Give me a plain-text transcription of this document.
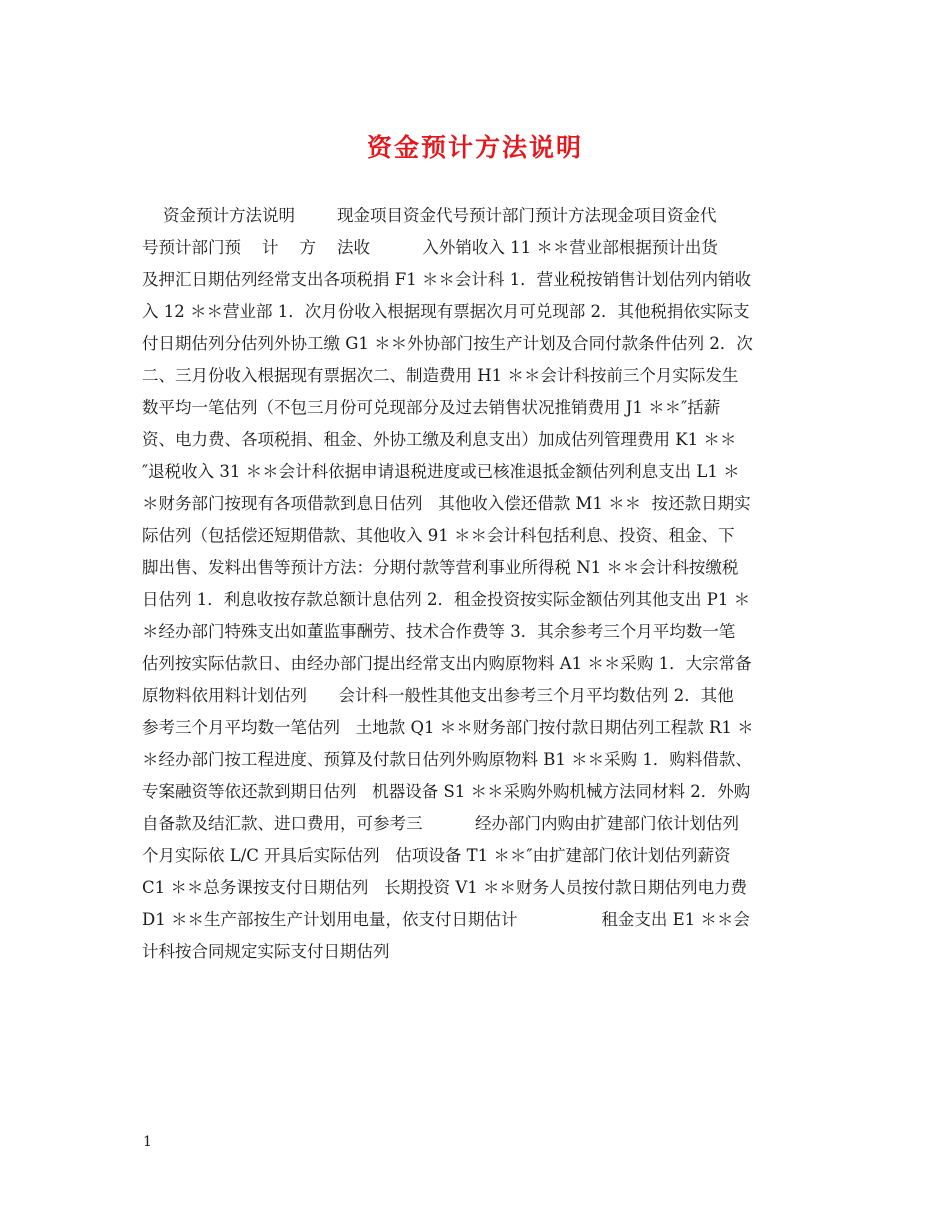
资金预计方法说明
资金预计方法说明        现金项目资金代号预计部门预计方法现金项目资金代
号预计部门预    计    方    法收          入外销收入 11 ＊＊营业部根据预计出货
及押汇日期估列经常支出各项税捐 F1 ＊＊会计科 1．营业税按销售计划估列内销收
入 12 ＊＊营业部 1．次月份收入根据现有票据次月可兑现部 2．其他税捐依实际支
付日期估列分估列外协工缴 G1 ＊＊外协部门按生产计划及合同付款条件估列 2．次
二、三月份收入根据现有票据次二、制造费用 H1 ＊＊会计科按前三个月实际发生
数平均一笔估列（不包三月份可兑现部分及过去销售状况推销费用 J1 ＊＊″括薪
资、电力费、各项税捐、租金、外协工缴及利息支出）加成估列管理费用 K1 ＊＊
″退税收入 31 ＊＊会计科依据申请退税进度或已核准退抵金额估列利息支出 L1 ＊
＊财务部门按现有各项借款到息日估列   其他收入偿还借款 M1 ＊＊  按还款日期实
际估列（包括偿还短期借款、其他收入 91 ＊＊会计科包括利息、投资、租金、下
脚出售、发料出售等预计方法：分期付款等营利事业所得税 N1 ＊＊会计科按缴税
日估列 1．利息收按存款总额计息估列 2．租金投资按实际金额估列其他支出 P1 ＊
＊经办部门特殊支出如董监事酬劳、技术合作费等 3．其余参考三个月平均数一笔
估列按实际估款日、由经办部门提出经常支出内购原物料 A1 ＊＊采购 1．大宗常备
原物料依用料计划估列      会计科一般性其他支出参考三个月平均数估列 2．其他
参考三个月平均数一笔估列   土地款 Q1 ＊＊财务部门按付款日期估列工程款 R1 ＊
＊经办部门按工程进度、预算及付款日估列外购原物料 B1 ＊＊采购 1．购料借款、
专案融资等依还款到期日估列   机器设备 S1 ＊＊采购外购机械方法同材料 2．外购
自备款及结汇款、进口费用，可参考三          经办部门内购由扩建部门依计划估列
个月实际依 L/C 开具后实际估列   估项设备 T1 ＊＊″由扩建部门依计划估列薪资
C1 ＊＊总务课按支付日期估列   长期投资 V1 ＊＊财务人员按付款日期估列电力费
D1 ＊＊生产部按生产计划用电量，依支付日期估计                租金支出 E1 ＊＊会
计科按合同规定实际支付日期估列
1
